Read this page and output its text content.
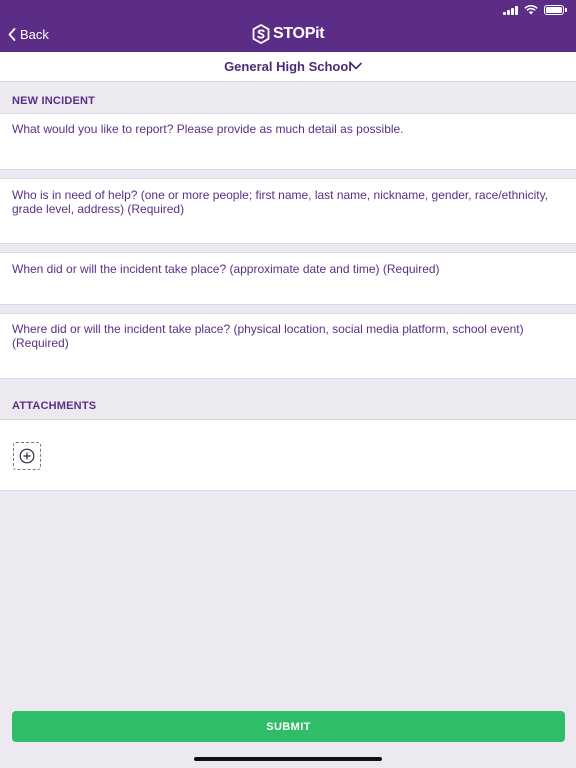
Back	STOPit
General High School
NEW INCIDENT
What would you like to report? Please provide as much detail as possible.
Who is in need of help? (one or more people; first name, last name, nickname, gender, race/ethnicity, grade level, address) (Required)
When did or will the incident take place? (approximate date and time) (Required)
Where did or will the incident take place? (physical location, social media platform, school event) (Required)
ATTACHMENTS
SUBMIT
